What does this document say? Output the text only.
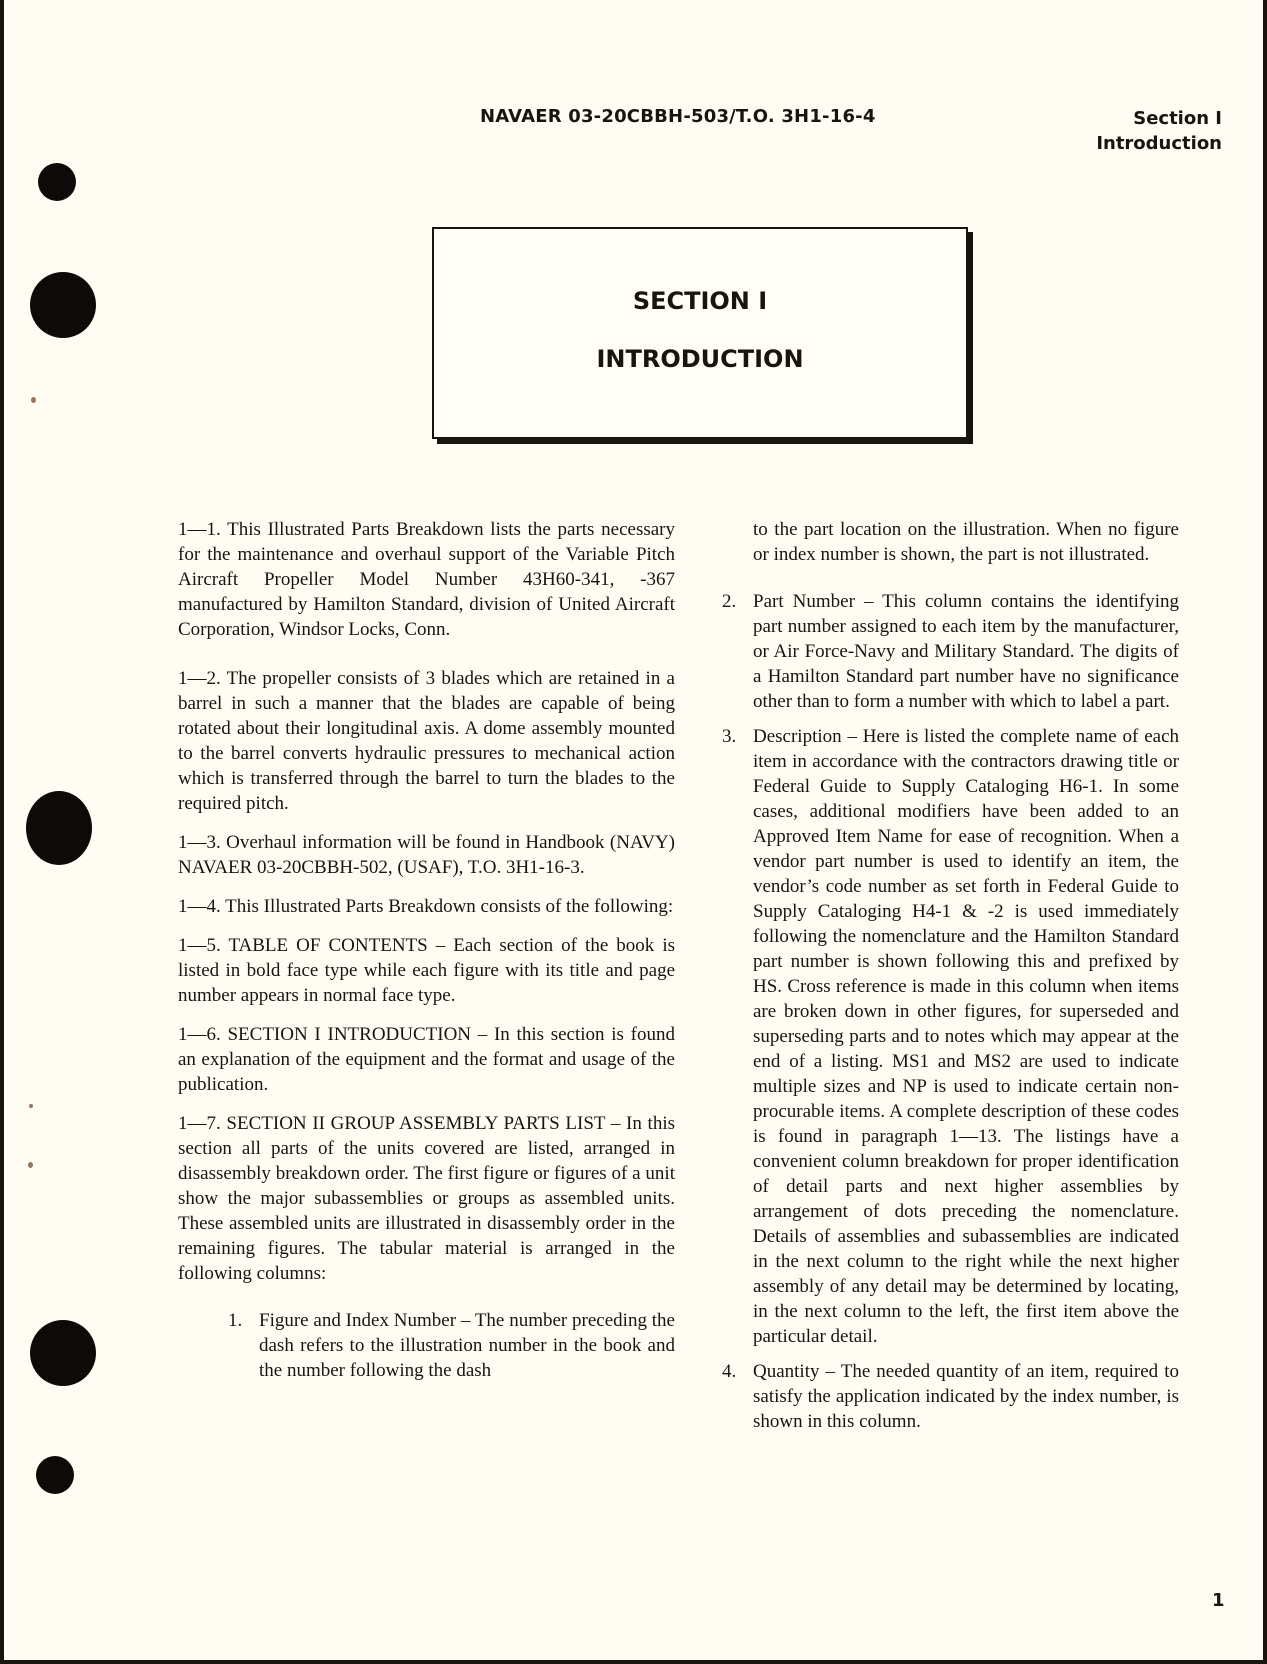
NAVAER 03-20CBBH-503/T.O. 3H1-16-4	Section I
Introduction
SECTION I
INTRODUCTION

1—1. This Illustrated Parts Breakdown lists the parts necessary for the maintenance and overhaul support of the Variable Pitch Aircraft Propeller Model Number 43H60-341, -367 manufactured by Hamilton Standard, division of United Aircraft Corporation, Windsor Locks, Conn.

1—2. The propeller consists of 3 blades which are retained in a barrel in such a manner that the blades are capable of being rotated about their longitudinal axis. A dome assembly mounted to the barrel converts hydraulic pressures to mechanical action which is transferred through the barrel to turn the blades to the required pitch.

1—3. Overhaul information will be found in Handbook (NAVY) NAVAER 03-20CBBH-502, (USAF), T.O. 3H1-16-3.

1—4. This Illustrated Parts Breakdown consists of the following:

1—5. TABLE OF CONTENTS – Each section of the book is listed in bold face type while each figure with its title and page number appears in normal face type.

1—6. SECTION I INTRODUCTION – In this section is found an explanation of the equipment and the format and usage of the publication.

1—7. SECTION II GROUP ASSEMBLY PARTS LIST – In this section all parts of the units covered are listed, arranged in disassembly breakdown order. The first figure or figures of a unit show the major subassemblies or groups as assembled units. These assembled units are illustrated in disassembly order in the remaining figures. The tabular material is arranged in the following columns:

1. Figure and Index Number – The number preceding the dash refers to the illustration number in the book and the number following the dash

to the part location on the illustration. When no figure or index number is shown, the part is not illustrated.

2. Part Number – This column contains the identifying part number assigned to each item by the manufacturer, or Air Force-Navy and Military Standard. The digits of a Hamilton Standard part number have no significance other than to form a number with which to label a part.
3. Description – Here is listed the complete name of each item in accordance with the contractors drawing title or Federal Guide to Supply Cataloging H6-1. In some cases, additional modifiers have been added to an Approved Item Name for ease of recognition. When a vendor part number is used to identify an item, the vendor’s code number as set forth in Federal Guide to Supply Cataloging H4-1 & -2 is used immediately following the nomenclature and the Hamilton Standard part number is shown following this and prefixed by HS. Cross reference is made in this column when items are broken down in other figures, for superseded and superseding parts and to notes which may appear at the end of a listing. MS1 and MS2 are used to indicate multiple sizes and NP is used to indicate certain non-procurable items. A complete description of these codes is found in paragraph 1—13. The listings have a convenient column breakdown for proper identification of detail parts and next higher assemblies by arrangement of dots preceding the nomenclature. Details of assemblies and subassemblies are indicated in the next column to the right while the next higher assembly of any detail may be determined by locating, in the next column to the left, the first item above the particular detail.
4. Quantity – The needed quantity of an item, required to satisfy the application indicated by the index number, is shown in this column.
1
